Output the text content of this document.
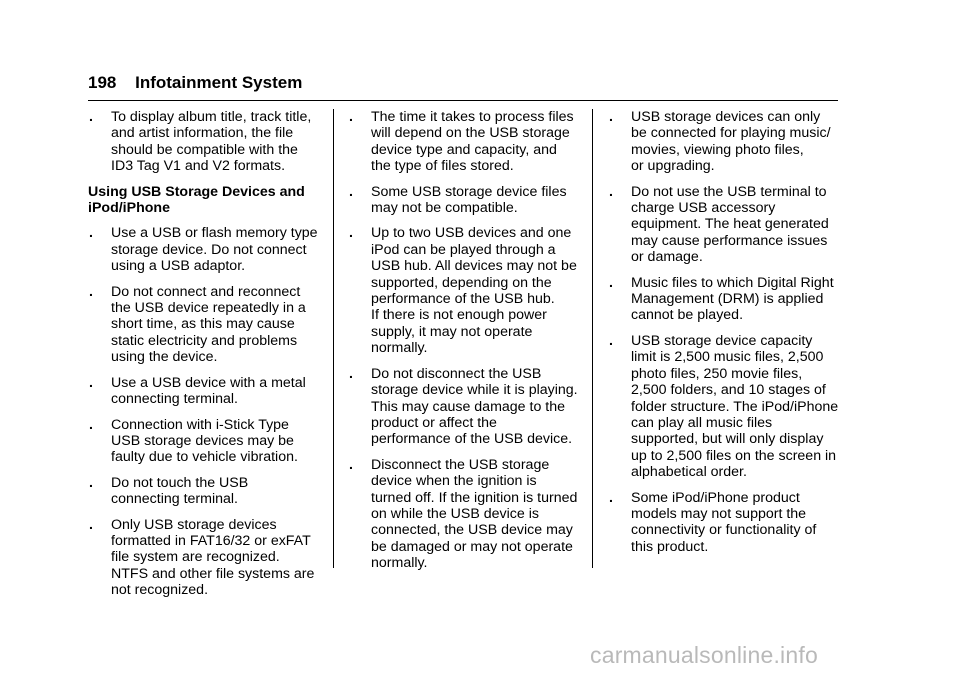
198 Infotainment System
. To display album title, track title,
and artist information, the file
should be compatible with the
ID3 Tag V1 and V2 formats.
Using USB Storage Devices and
iPod/iPhone
. Use a USB or flash memory type
storage device. Do not connect
using a USB adaptor.
. Do not connect and reconnect
the USB device repeatedly in a
short time, as this may cause
static electricity and problems
using the device.
. Use a USB device with a metal
connecting terminal.
. Connection with i-Stick Type
USB storage devices may be
faulty due to vehicle vibration.
. Do not touch the USB
connecting terminal.
. Only USB storage devices
formatted in FAT16/32 or exFAT
file system are recognized.
NTFS and other file systems are
not recognized.
. The time it takes to process files
will depend on the USB storage
device type and capacity, and
the type of files stored.
. Some USB storage device files
may not be compatible.
. Up to two USB devices and one
iPod can be played through a
USB hub. All devices may not be
supported, depending on the
performance of the USB hub.
If there is not enough power
supply, it may not operate
normally.
. Do not disconnect the USB
storage device while it is playing.
This may cause damage to the
product or affect the
performance of the USB device.
. Disconnect the USB storage
device when the ignition is
turned off. If the ignition is turned
on while the USB device is
connected, the USB device may
be damaged or may not operate
normally.
. USB storage devices can only
be connected for playing music/
movies, viewing photo files,
or upgrading.
. Do not use the USB terminal to
charge USB accessory
equipment. The heat generated
may cause performance issues
or damage.
. Music files to which Digital Right
Management (DRM) is applied
cannot be played.
. USB storage device capacity
limit is 2,500 music files, 2,500
photo files, 250 movie files,
2,500 folders, and 10 stages of
folder structure. The iPod/iPhone
can play all music files
supported, but will only display
up to 2,500 files on the screen in
alphabetical order.
. Some iPod/iPhone product
models may not support the
connectivity or functionality of
this product.
carmanualsonline.info
